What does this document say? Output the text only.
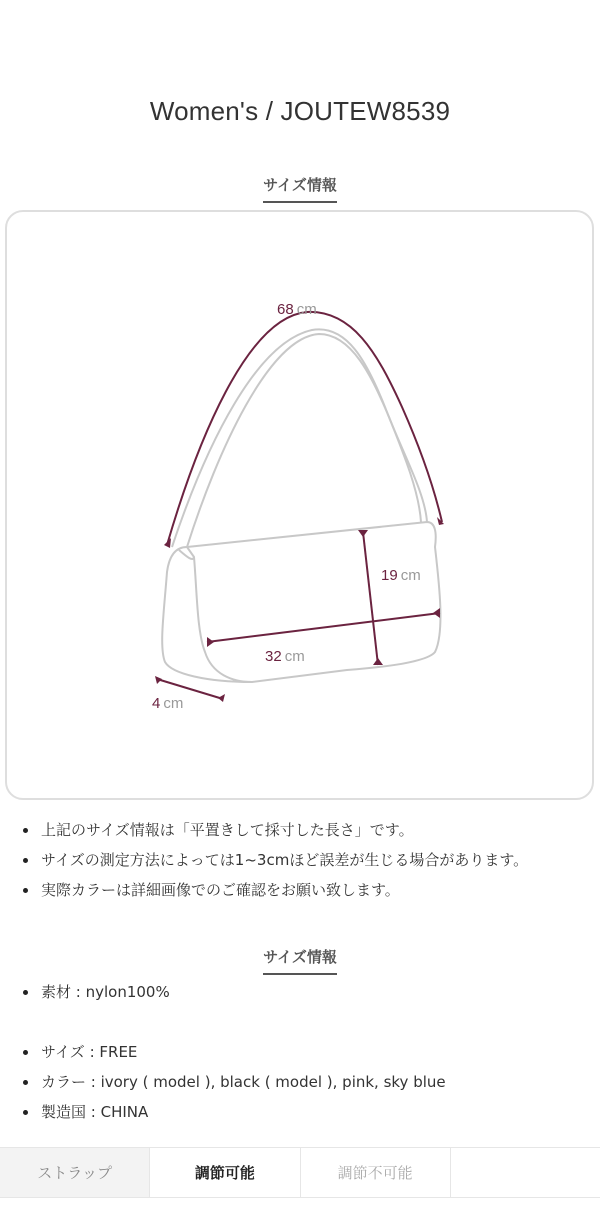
Women's / JOUTEW8539
サイズ情報
68 cm
19 cm
32 cm
4 cm
上記のサイズ情報は「平置きして採寸した長さ」です。
サイズの測定方法によっては1~3cmほど誤差が生じる場合があります。
実際カラーは詳細画像でのご確認をお願い致します。
サイズ情報
素材 : nylon100%
サイズ : FREE
カラー : ivory ( model ), black ( model ), pink, sky blue
製造国 : CHINA
ストラップ	調節可能	調節不可能
